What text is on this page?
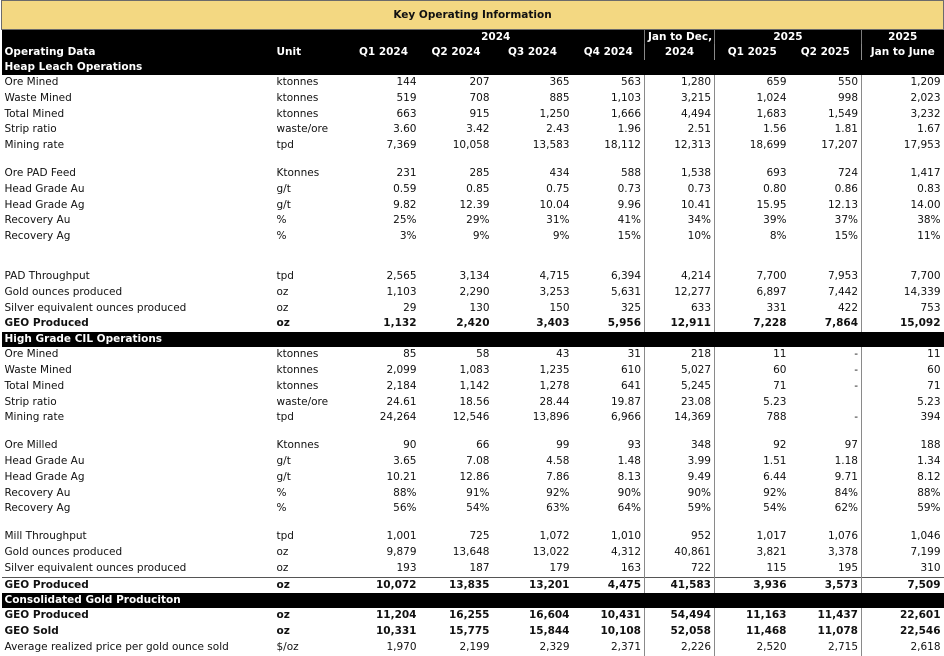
Key Operating Information									
		2024				Jan to Dec,	2025		2025
Operating Data	Unit	Q1 2024	Q2 2024	Q3 2024	Q4 2024	2024	Q1 2025	Q2 2025	Jan to June
Heap Leach Operations									
Ore Mined	ktonnes	144	207	365	563	1,280	659	550	1,209
Waste Mined	ktonnes	519	708	885	1,103	3,215	1,024	998	2,023
Total Mined	ktonnes	663	915	1,250	1,666	4,494	1,683	1,549	3,232
Strip ratio	waste/ore	3.60	3.42	2.43	1.96	2.51	1.56	1.81	1.67
Mining rate	tpd	7,369	10,058	13,583	18,112	12,313	18,699	17,207	17,953

Ore PAD Feed	Ktonnes	231	285	434	588	1,538	693	724	1,417
Head Grade Au	g/t	0.59	0.85	0.75	0.73	0.73	0.80	0.86	0.83
Head Grade Ag	g/t	9.82	12.39	10.04	9.96	10.41	15.95	12.13	14.00
Recovery Au	%	25%	29%	31%	41%	34%	39%	37%	38%
Recovery Ag	%	3%	9%	9%	15%	10%	8%	15%	11%

PAD Throughput	tpd	2,565	3,134	4,715	6,394	4,214	7,700	7,953	7,700
Gold ounces produced	oz	1,103	2,290	3,253	5,631	12,277	6,897	7,442	14,339
Silver equivalent ounces produced	oz	29	130	150	325	633	331	422	753
GEO Produced	oz	1,132	2,420	3,403	5,956	12,911	7,228	7,864	15,092
High Grade CIL Operations									
Ore Mined	ktonnes	85	58	43	31	218	11	-	11
Waste Mined	ktonnes	2,099	1,083	1,235	610	5,027	60	-	60
Total Mined	ktonnes	2,184	1,142	1,278	641	5,245	71	-	71
Strip ratio	waste/ore	24.61	18.56	28.44	19.87	23.08	5.23		5.23
Mining rate	tpd	24,264	12,546	13,896	6,966	14,369	788	-	394

Ore Milled	Ktonnes	90	66	99	93	348	92	97	188
Head Grade Au	g/t	3.65	7.08	4.58	1.48	3.99	1.51	1.18	1.34
Head Grade Ag	g/t	10.21	12.86	7.86	8.13	9.49	6.44	9.71	8.12
Recovery Au	%	88%	91%	92%	90%	90%	92%	84%	88%
Recovery Ag	%	56%	54%	63%	64%	59%	54%	62%	59%

Mill Throughput	tpd	1,001	725	1,072	1,010	952	1,017	1,076	1,046
Gold ounces produced	oz	9,879	13,648	13,022	4,312	40,861	3,821	3,378	7,199
Silver equivalent ounces produced	oz	193	187	179	163	722	115	195	310
GEO Produced	oz	10,072	13,835	13,201	4,475	41,583	3,936	3,573	7,509
Consolidated Gold Produciton									
GEO Produced	oz	11,204	16,255	16,604	10,431	54,494	11,163	11,437	22,601
GEO Sold	oz	10,331	15,775	15,844	10,108	52,058	11,468	11,078	22,546
Average realized price per gold ounce sold	$/oz	1,970	2,199	2,329	2,371	2,226	2,520	2,715	2,618
